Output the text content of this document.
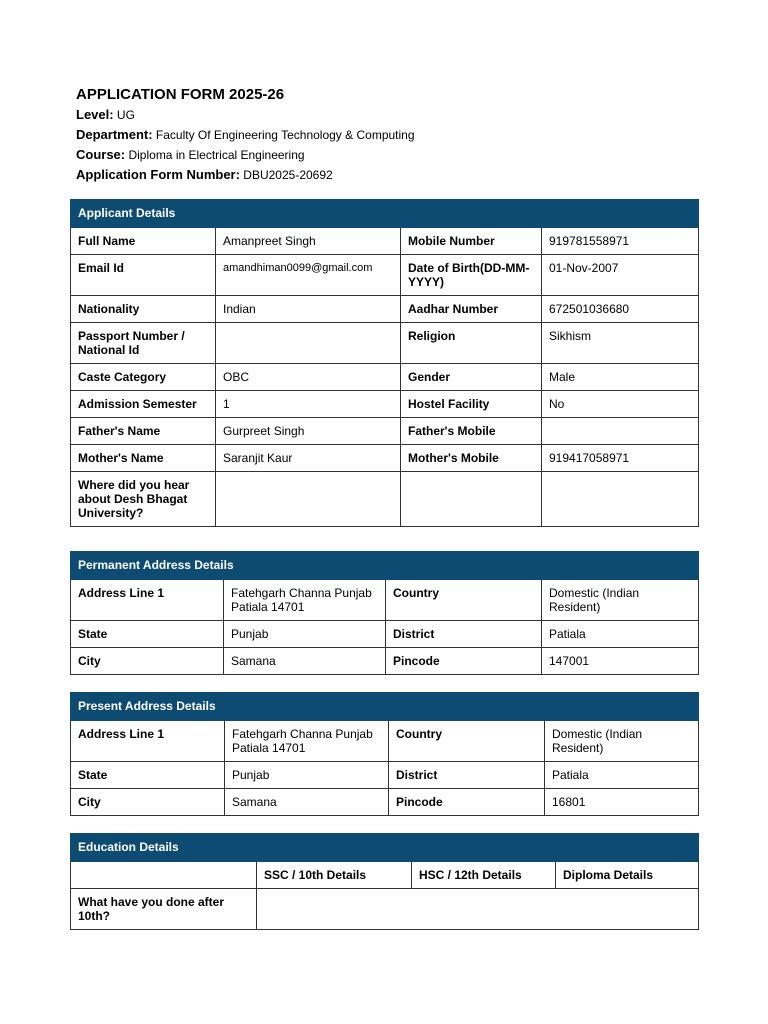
APPLICATION FORM 2025-26
Level: UG
Department: Faculty Of Engineering Technology & Computing
Course: Diploma in Electrical Engineering
Application Form Number: DBU2025-20692
Applicant Details			
Full Name	Amanpreet Singh	Mobile Number	919781558971
Email Id	amandhiman0099@gmail.com	Date of Birth(DD-MM-YYYY)	01-Nov-2007
Nationality	Indian	Aadhar Number	672501036680
Passport Number / National Id		Religion	Sikhism
Caste Category	OBC	Gender	Male
Admission Semester	1	Hostel Facility	No
Father's Name	Gurpreet Singh	Father's Mobile	
Mother's Name	Saranjit Kaur	Mother's Mobile	919417058971
Where did you hear about Desh Bhagat University?			
Permanent Address Details			
Address Line 1	Fatehgarh Channa Punjab Patiala 14701	Country	Domestic (Indian Resident)
State	Punjab	District	Patiala
City	Samana	Pincode	147001
Present Address Details			
Address Line 1	Fatehgarh Channa Punjab Patiala 14701	Country	Domestic (Indian Resident)
State	Punjab	District	Patiala
City	Samana	Pincode	16801
Education Details			
	SSC / 10th Details	HSC / 12th Details	Diploma Details
What have you done after 10th?			
